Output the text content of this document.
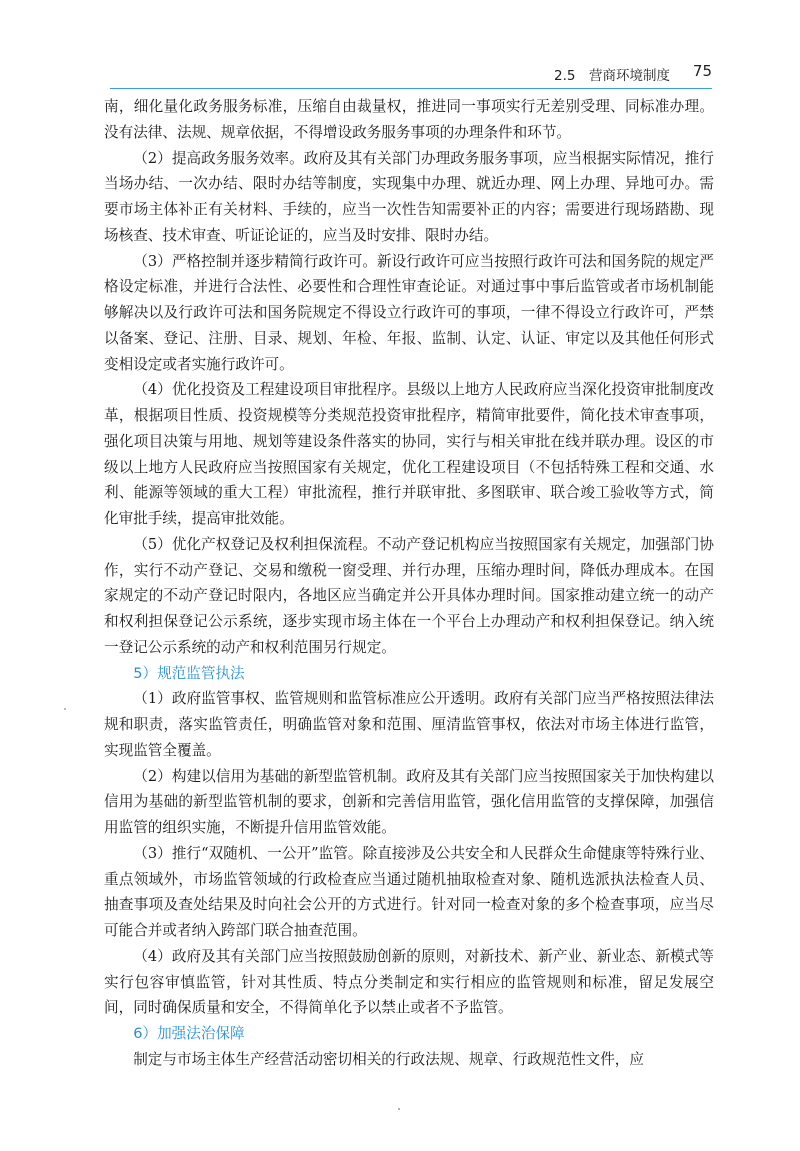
2.5　营商环境制度 75

南，细化量化政务服务标准，压缩自由裁量权，推进同一事项实行无差别受理、同标准办理。没有法律、法规、规章依据，不得增设政务服务事项的办理条件和环节。

（2）提高政务服务效率。政府及其有关部门办理政务服务事项，应当根据实际情况，推行当场办结、一次办结、限时办结等制度，实现集中办理、就近办理、网上办理、异地可办。需要市场主体补正有关材料、手续的，应当一次性告知需要补正的内容；需要进行现场踏勘、现场核查、技术审查、听证论证的，应当及时安排、限时办结。

（3）严格控制并逐步精简行政许可。新设行政许可应当按照行政许可法和国务院的规定严格设定标准，并进行合法性、必要性和合理性审查论证。对通过事中事后监管或者市场机制能够解决以及行政许可法和国务院规定不得设立行政许可的事项，一律不得设立行政许可，严禁以备案、登记、注册、目录、规划、年检、年报、监制、认定、认证、审定以及其他任何形式变相设定或者实施行政许可。

（4）优化投资及工程建设项目审批程序。县级以上地方人民政府应当深化投资审批制度改革，根据项目性质、投资规模等分类规范投资审批程序，精简审批要件，简化技术审查事项，强化项目决策与用地、规划等建设条件落实的协同，实行与相关审批在线并联办理。设区的市级以上地方人民政府应当按照国家有关规定，优化工程建设项目（不包括特殊工程和交通、水利、能源等领域的重大工程）审批流程，推行并联审批、多图联审、联合竣工验收等方式，简化审批手续，提高审批效能。

（5）优化产权登记及权利担保流程。不动产登记机构应当按照国家有关规定，加强部门协作，实行不动产登记、交易和缴税一窗受理、并行办理，压缩办理时间，降低办理成本。在国家规定的不动产登记时限内，各地区应当确定并公开具体办理时间。国家推动建立统一的动产和权利担保登记公示系统，逐步实现市场主体在一个平台上办理动产和权利担保登记。纳入统一登记公示系统的动产和权利范围另行规定。

5）规范监管执法

（1）政府监管事权、监管规则和监管标准应公开透明。政府有关部门应当严格按照法律法规和职责，落实监管责任，明确监管对象和范围、厘清监管事权，依法对市场主体进行监管，实现监管全覆盖。

（2）构建以信用为基础的新型监管机制。政府及其有关部门应当按照国家关于加快构建以信用为基础的新型监管机制的要求，创新和完善信用监管，强化信用监管的支撑保障，加强信用监管的组织实施，不断提升信用监管效能。

（3）推行“双随机、一公开”监管。除直接涉及公共安全和人民群众生命健康等特殊行业、重点领域外，市场监管领域的行政检查应当通过随机抽取检查对象、随机选派执法检查人员、抽查事项及查处结果及时向社会公开的方式进行。针对同一检查对象的多个检查事项，应当尽可能合并或者纳入跨部门联合抽查范围。

（4）政府及其有关部门应当按照鼓励创新的原则，对新技术、新产业、新业态、新模式等实行包容审慎监管，针对其性质、特点分类制定和实行相应的监管规则和标准，留足发展空间，同时确保质量和安全，不得简单化予以禁止或者不予监管。

6）加强法治保障

制定与市场主体生产经营活动密切相关的行政法规、规章、行政规范性文件，应
